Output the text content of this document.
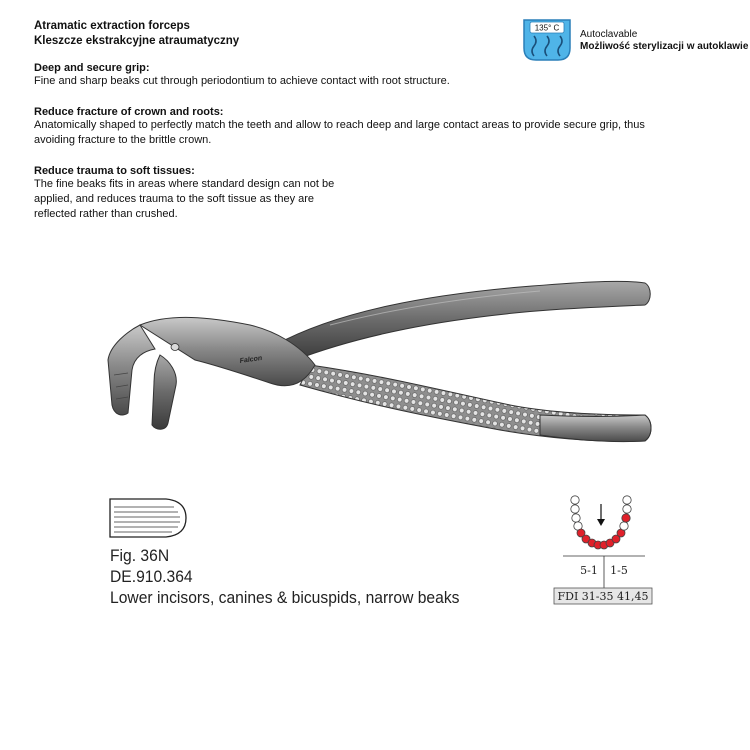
Atramatic extraction forceps
Kleszcze ekstrakcyjne atraumatyczny
135° C
Autoclavable
Możliwość sterylizacji w autoklawie
Deep and secure grip:
Fine and sharp beaks cut through periodontium to achieve contact with root structure.
Reduce fracture of crown and roots:
Anatomically shaped to perfectly match the teeth and allow to reach deep and large contact areas to provide secure grip, thus
avoiding fracture to the brittle crown.
Reduce trauma to soft tissues:
The fine beaks fits in areas where standard design can not be
applied, and reduces trauma to the soft tissue as they are
reflected rather than crushed.
Falcon
Fig. 36N
DE.910.364
Lower incisors, canines & bicuspids, narrow beaks
5-1 1-5
FDI 31-35 41,45
